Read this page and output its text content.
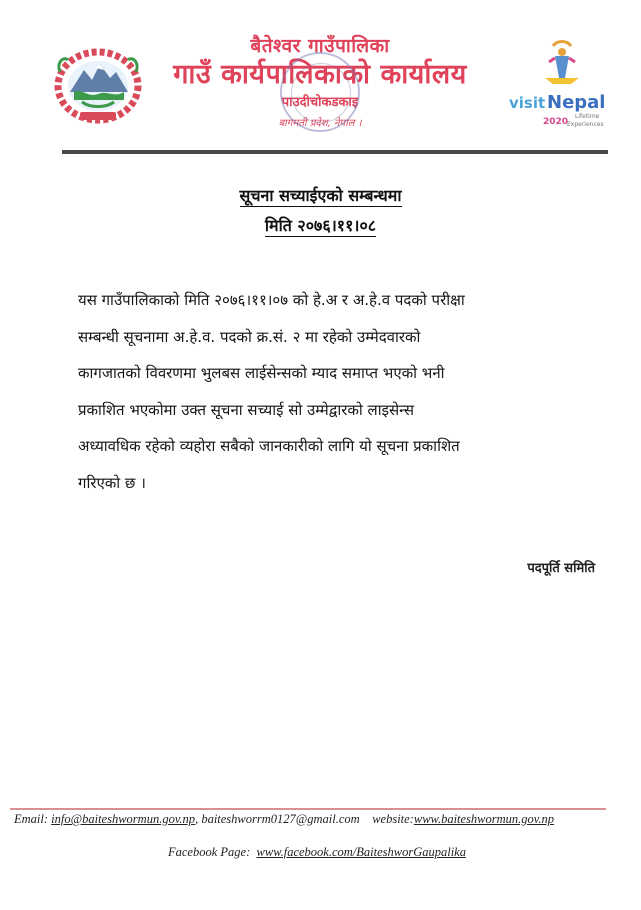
बैतेश्वर गाउँपालिका
गाउँ कार्यपालिकाको कार्यालय
पाउदीचोकडकाइ
बागमती प्रदेश, नेपाल ।
visit Nepal
Lifetime
2020
Experiences
सूचना सच्याईएको सम्बन्धमा
मिति २०७६।११।०८
यस गाउँपालिकाको मिति २०७६।११।०७ को हे.अ र अ.हे.व पदको परीक्षा
सम्बन्धी सूचनामा अ.हे.व. पदको क्र.सं. २ मा रहेको उम्मेदवारको
कागजातको विवरणमा भुलबस लाईसेन्सको म्याद समाप्त भएको भनी
प्रकाशित भएकोमा उक्त सूचना सच्याई सो उम्मेद्वारको लाइसेन्स
अध्यावधिक रहेको व्यहोरा सबैको जानकारीको लागि यो सूचना प्रकाशित
गरिएको छ ।
पदपूर्ति समिति
Email: info@baiteshwormun.gov.np, baiteshworrm0127@gmail.com website:www.baiteshwormun.gov.np
Facebook Page: www.facebook.com/BaiteshworGaupalika
